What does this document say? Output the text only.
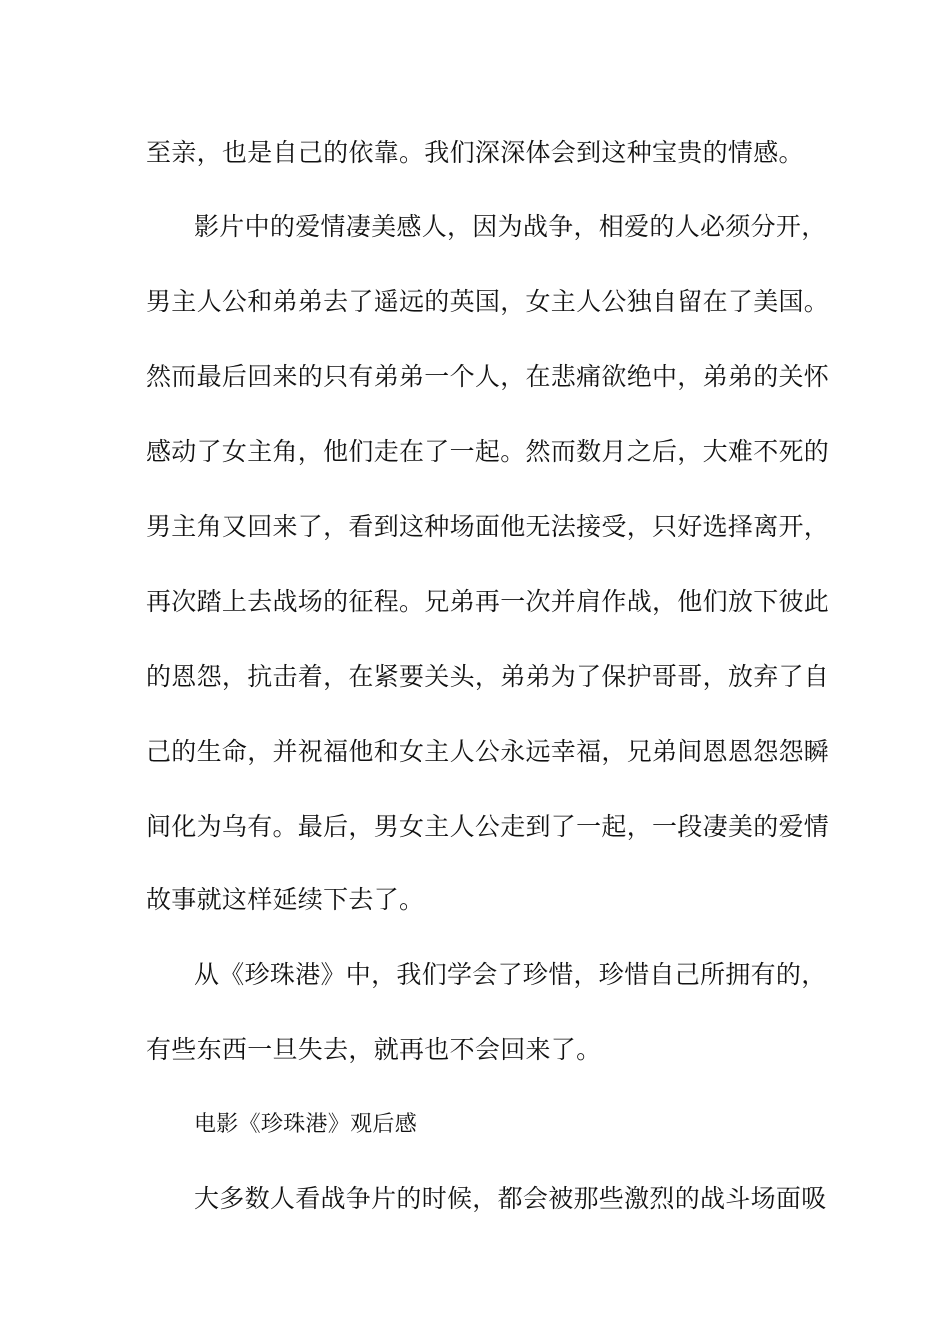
至亲，也是自己的依靠。我们深深体会到这种宝贵的情感。
影片中的爱情凄美感人，因为战争，相爱的人必须分开，
男主人公和弟弟去了遥远的英国，女主人公独自留在了美国。
然而最后回来的只有弟弟一个人，在悲痛欲绝中，弟弟的关怀
感动了女主角，他们走在了一起。然而数月之后，大难不死的
男主角又回来了，看到这种场面他无法接受，只好选择离开，
再次踏上去战场的征程。兄弟再一次并肩作战，他们放下彼此
的恩怨，抗击着，在紧要关头，弟弟为了保护哥哥，放弃了自
己的生命，并祝福他和女主人公永远幸福，兄弟间恩恩怨怨瞬
间化为乌有。最后，男女主人公走到了一起，一段凄美的爱情
故事就这样延续下去了。
从《珍珠港》中，我们学会了珍惜，珍惜自己所拥有的，
有些东西一旦失去，就再也不会回来了。
电影《珍珠港》观后感
大多数人看战争片的时候，都会被那些激烈的战斗场面吸
